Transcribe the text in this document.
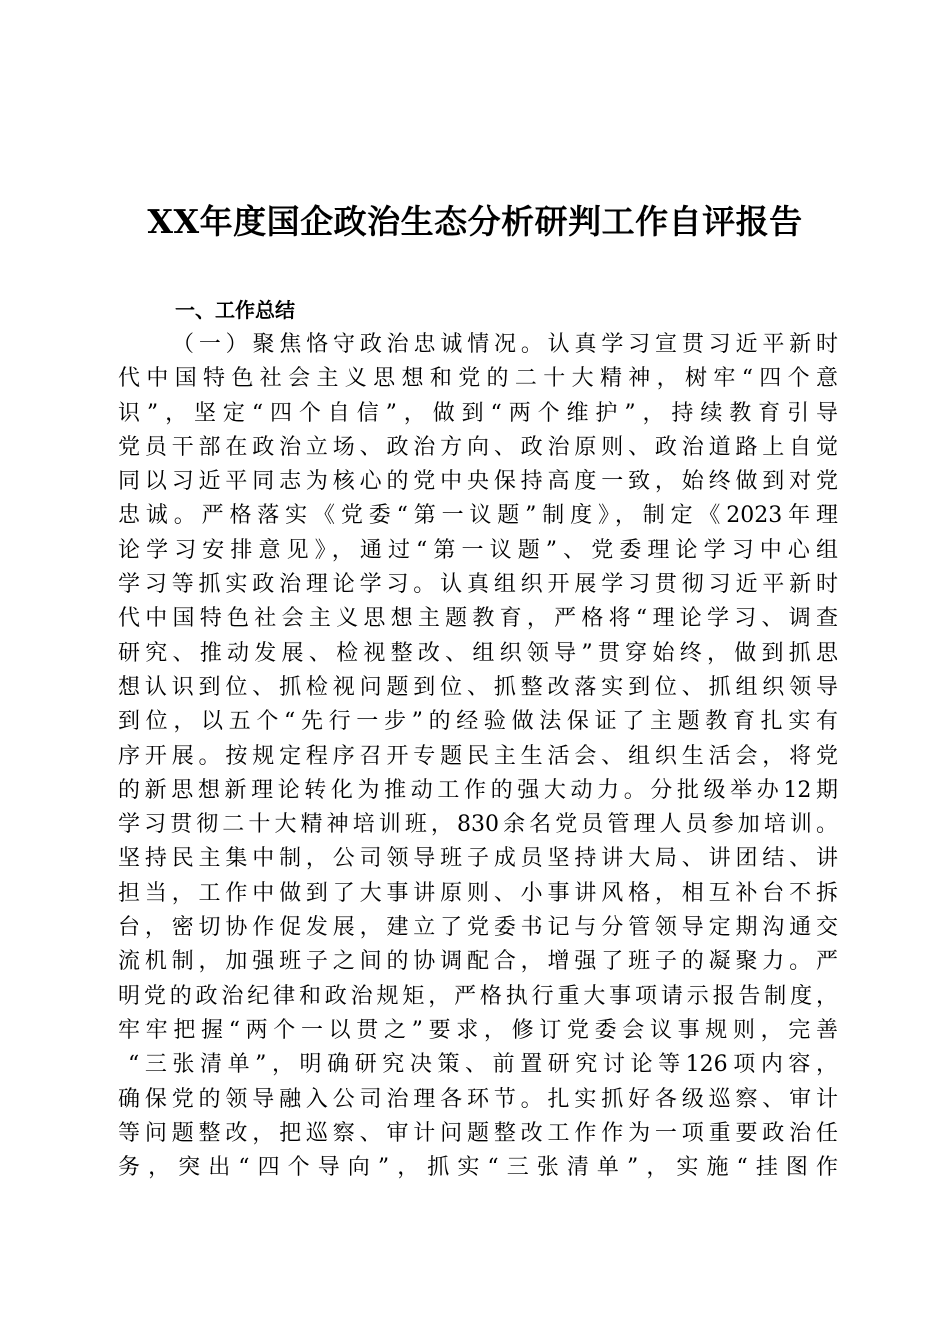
XX年度国企政治生态分析研判工作自评报告
一、工作总结
（一）聚焦恪守政治忠诚情况。认真学习宣贯习近平新时
代中国特色社会主义思想和党的二十大精神，树牢“四个意
识”，坚定“四个自信”，做到“两个维护”，持续教育引导
党员干部在政治立场、政治方向、政治原则、政治道路上自觉
同以习近平同志为核心的党中央保持高度一致，始终做到对党
忠诚。严格落实《党委“第一议题”制度》，制定《2023年理
论学习安排意见》，通过“第一议题”、党委理论学习中心组
学习等抓实政治理论学习。认真组织开展学习贯彻习近平新时
代中国特色社会主义思想主题教育，严格将“理论学习、调查
研究、推动发展、检视整改、组织领导”贯穿始终，做到抓思
想认识到位、抓检视问题到位、抓整改落实到位、抓组织领导
到位，以五个“先行一步”的经验做法保证了主题教育扎实有
序开展。按规定程序召开专题民主生活会、组织生活会，将党
的新思想新理论转化为推动工作的强大动力。分批级举办12期
学习贯彻二十大精神培训班，830余名党员管理人员参加培训。
坚持民主集中制，公司领导班子成员坚持讲大局、讲团结、讲
担当，工作中做到了大事讲原则、小事讲风格，相互补台不拆
台，密切协作促发展，建立了党委书记与分管领导定期沟通交
流机制，加强班子之间的协调配合，增强了班子的凝聚力。严
明党的政治纪律和政治规矩，严格执行重大事项请示报告制度，
牢牢把握“两个一以贯之”要求，修订党委会议事规则，完善
“三张清单”，明确研究决策、前置研究讨论等126项内容，
确保党的领导融入公司治理各环节。扎实抓好各级巡察、审计
等问题整改，把巡察、审计问题整改工作作为一项重要政治任
务，突出“四个导向”，抓实“三张清单”，实施“挂图作
